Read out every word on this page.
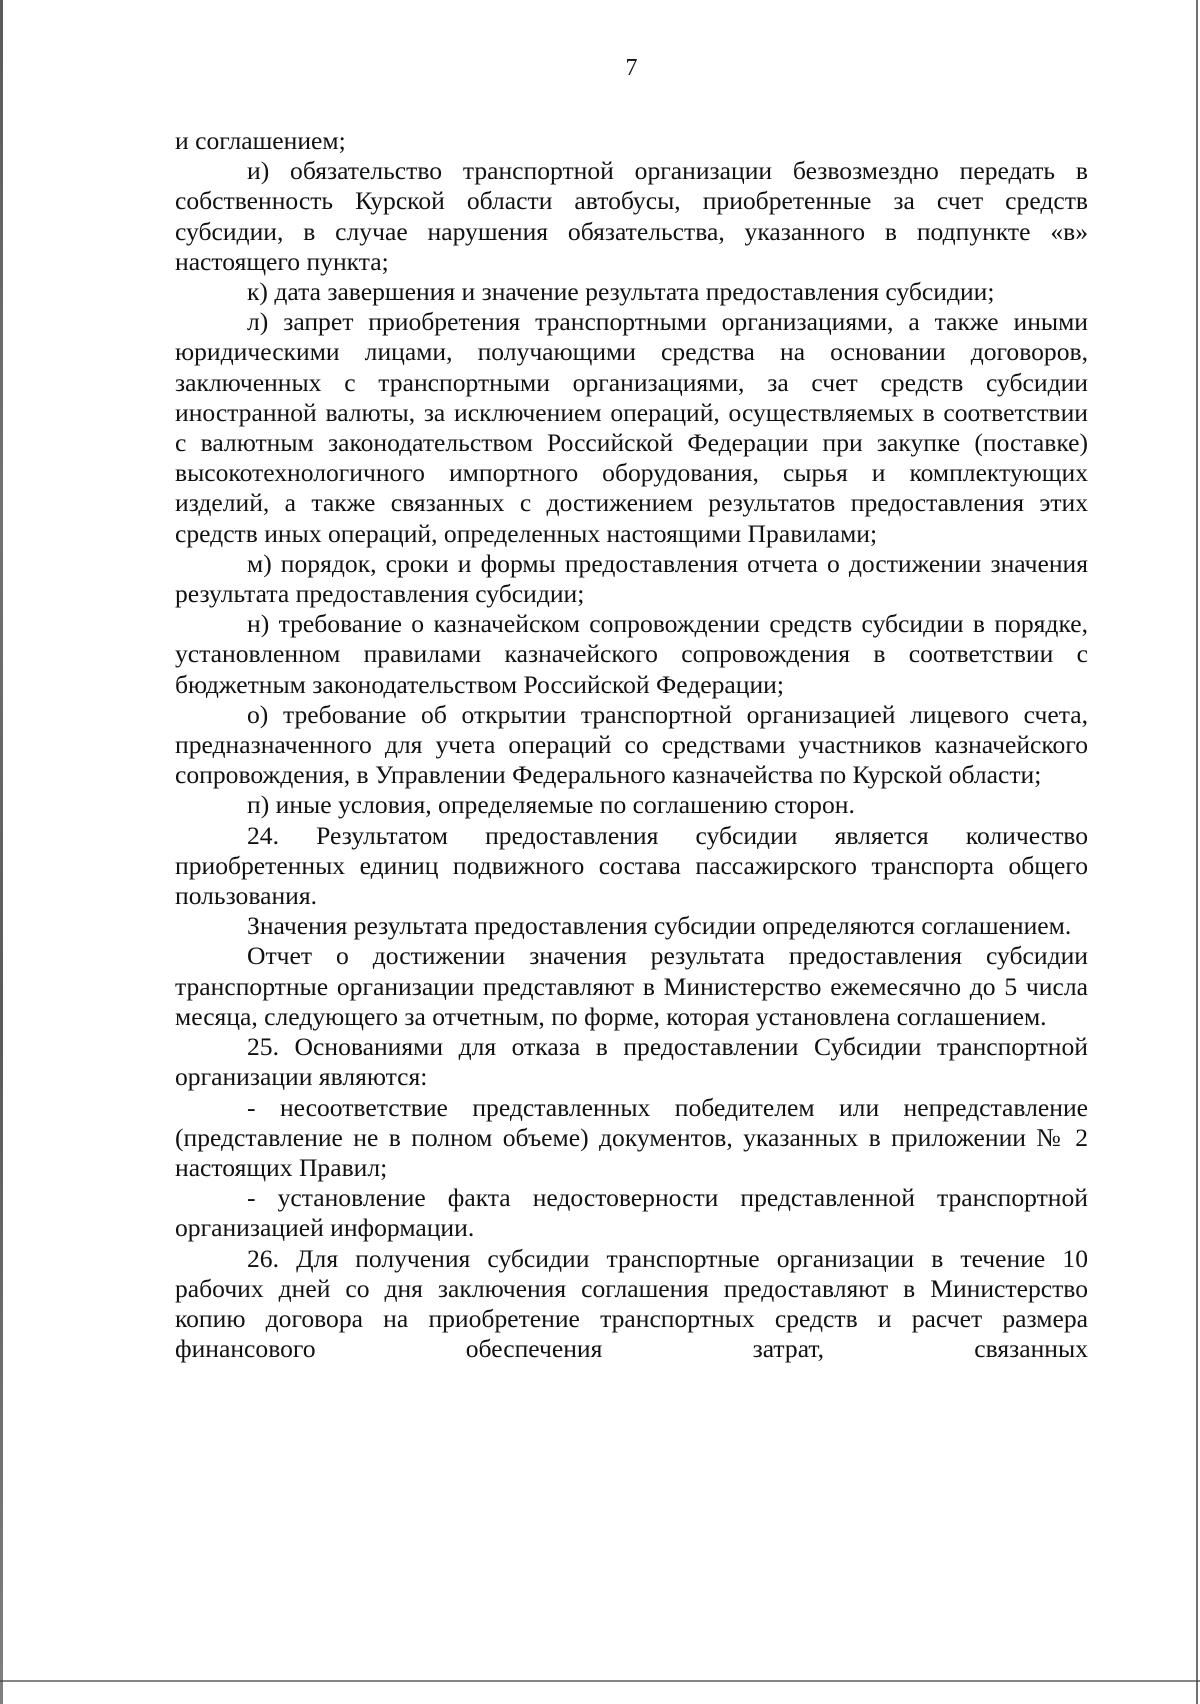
7

и соглашением;

и) обязательство транспортной организации безвозмездно передать в собственность Курской области автобусы, приобретенные за счет средств субсидии, в случае нарушения обязательства, указанного в подпункте «в» настоящего пункта;

к) дата завершения и значение результата предоставления субсидии;

л) запрет приобретения транспортными организациями, а также иными юридическими лицами, получающими средства на основании договоров, заключенных с транспортными организациями, за счет средств субсидии иностранной валюты, за исключением операций, осуществляемых в соответствии с валютным законодательством Российской Федерации при закупке (поставке) высокотехнологичного импортного оборудования, сырья и комплектующих изделий, а также связанных с достижением результатов предоставления этих средств иных операций, определенных настоящими Правилами;

м) порядок, сроки и формы предоставления отчета о достижении значения результата предоставления субсидии;

н) требование о казначейском сопровождении средств субсидии в порядке, установленном правилами казначейского сопровождения в соответствии с бюджетным законодательством Российской Федерации;

о) требование об открытии транспортной организацией лицевого счета, предназначенного для учета операций со средствами участников казначейского сопровождения, в Управлении Федерального казначейства по Курской области;

п) иные условия, определяемые по соглашению сторон.

24. Результатом предоставления субсидии является количество приобретенных единиц подвижного состава пассажирского транспорта общего пользования.

Значения результата предоставления субсидии определяются соглашением.

Отчет о достижении значения результата предоставления субсидии транспортные организации представляют в Министерство ежемесячно до 5 числа месяца, следующего за отчетным, по форме, которая установлена соглашением.

25. Основаниями для отказа в предоставлении Субсидии транспортной организации являются:

- несоответствие представленных победителем или непредставление (представление не в полном объеме) документов, указанных в приложении № 2 настоящих Правил;

- установление факта недостоверности представленной транспортной организацией информации.

26. Для получения субсидии транспортные организации в течение 10 рабочих дней со дня заключения соглашения предоставляют в Министерство копию договора на приобретение транспортных средств и расчет размера финансового обеспечения затрат, связанных
